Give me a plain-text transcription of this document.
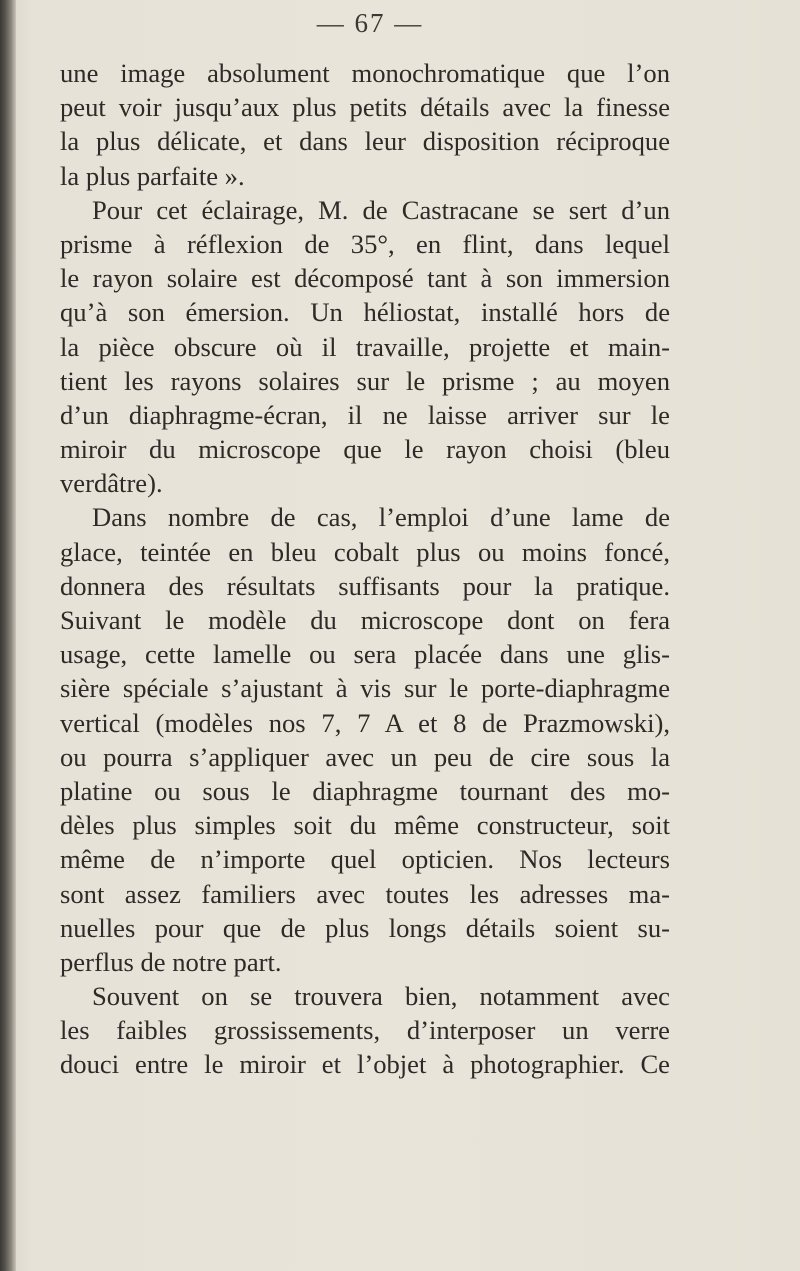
— 67 —
une image absolument monochromatique que l’on
peut voir jusqu’aux plus petits détails avec la finesse
la plus délicate, et dans leur disposition réciproque
la plus parfaite ».
Pour cet éclairage, M. de Castracane se sert d’un
prisme à réflexion de 35°, en flint, dans lequel
le rayon solaire est décomposé tant à son immersion
qu’à son émersion. Un héliostat, installé hors de
la pièce obscure où il travaille, projette et main-
tient les rayons solaires sur le prisme ; au moyen
d’un diaphragme-écran, il ne laisse arriver sur le
miroir du microscope que le rayon choisi (bleu
verdâtre).
Dans nombre de cas, l’emploi d’une lame de
glace, teintée en bleu cobalt plus ou moins foncé,
donnera des résultats suffisants pour la pratique.
Suivant le modèle du microscope dont on fera
usage, cette lamelle ou sera placée dans une glis-
sière spéciale s’ajustant à vis sur le porte-diaphragme
vertical (modèles nos 7, 7 A et 8 de Prazmowski),
ou pourra s’appliquer avec un peu de cire sous la
platine ou sous le diaphragme tournant des mo-
dèles plus simples soit du même constructeur, soit
même de n’importe quel opticien. Nos lecteurs
sont assez familiers avec toutes les adresses ma-
nuelles pour que de plus longs détails soient su-
perflus de notre part.
Souvent on se trouvera bien, notamment avec
les faibles grossissements, d’interposer un verre
douci entre le miroir et l’objet à photographier. Ce
